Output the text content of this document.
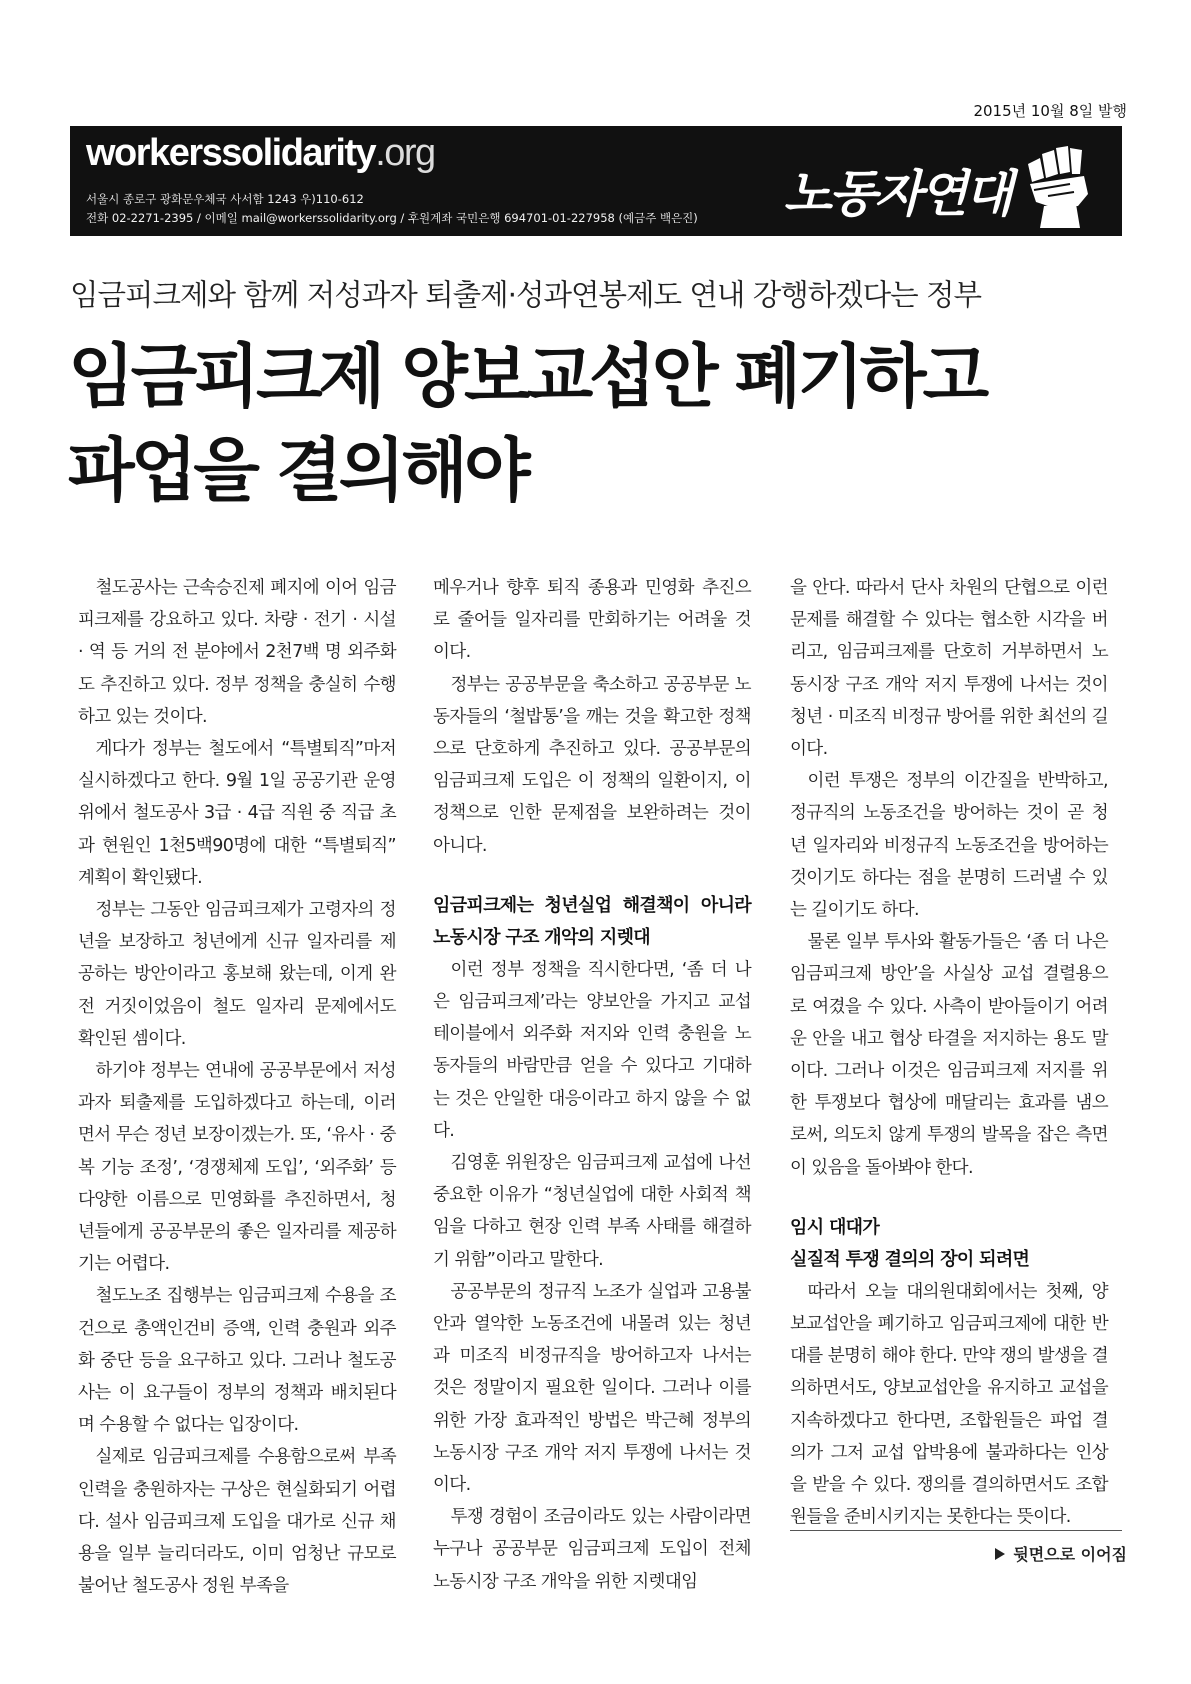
2015년 10월 8일 발행
workerssolidarity.org
서울시 종로구 광화문우체국 사서함 1243 우)110-612
전화 02-2271-2395 / 이메일 mail@workerssolidarity.org / 후원계좌 국민은행 694701-01-227958 (예금주 백은진) 노동자연대
임금피크제와 함께 저성과자 퇴출제·성과연봉제도 연내 강행하겠다는 정부
임금피크제 양보교섭안 폐기하고
파업을 결의해야

철도공사는 근속승진제 폐지에 이어 임금피크제를 강요하고 있다. 차량 · 전기 · 시설 · 역 등 거의 전 분야에서 2천7백 명 외주화도 추진하고 있다. 정부 정책을 충실히 수행하고 있는 것이다.

게다가 정부는 철도에서 “특별퇴직”마저 실시하겠다고 한다. 9월 1일 공공기관 운영위에서 철도공사 3급 · 4급 직원 중 직급 초과 현원인 1천5백90명에 대한 “특별퇴직” 계획이 확인됐다.

정부는 그동안 임금피크제가 고령자의 정년을 보장하고 청년에게 신규 일자리를 제공하는 방안이라고 홍보해 왔는데, 이게 완전 거짓이었음이 철도 일자리 문제에서도 확인된 셈이다.

하기야 정부는 연내에 공공부문에서 저성과자 퇴출제를 도입하겠다고 하는데, 이러면서 무슨 정년 보장이겠는가. 또, ‘유사 · 중복 기능 조정’, ‘경쟁체제 도입’, ‘외주화’ 등 다양한 이름으로 민영화를 추진하면서, 청년들에게 공공부문의 좋은 일자리를 제공하기는 어렵다.

철도노조 집행부는 임금피크제 수용을 조건으로 총액인건비 증액, 인력 충원과 외주화 중단 등을 요구하고 있다. 그러나 철도공사는 이 요구들이 정부의 정책과 배치된다며 수용할 수 없다는 입장이다.

실제로 임금피크제를 수용함으로써 부족 인력을 충원하자는 구상은 현실화되기 어렵다. 설사 임금피크제 도입을 대가로 신규 채용을 일부 늘리더라도, 이미 엄청난 규모로 불어난 철도공사 정원 부족을

메우거나 향후 퇴직 종용과 민영화 추진으로 줄어들 일자리를 만회하기는 어려울 것이다.

정부는 공공부문을 축소하고 공공부문 노동자들의 ‘철밥통’을 깨는 것을 확고한 정책으로 단호하게 추진하고 있다. 공공부문의 임금피크제 도입은 이 정책의 일환이지, 이 정책으로 인한 문제점을 보완하려는 것이 아니다.

임금피크제는 청년실업 해결책이 아니라 노동시장 구조 개악의 지렛대

이런 정부 정책을 직시한다면, ‘좀 더 나은 임금피크제’라는 양보안을 가지고 교섭 테이블에서 외주화 저지와 인력 충원을 노동자들의 바람만큼 얻을 수 있다고 기대하는 것은 안일한 대응이라고 하지 않을 수 없다.

김영훈 위원장은 임금피크제 교섭에 나선 중요한 이유가 “청년실업에 대한 사회적 책임을 다하고 현장 인력 부족 사태를 해결하기 위함”이라고 말한다.

공공부문의 정규직 노조가 실업과 고용불안과 열악한 노동조건에 내몰려 있는 청년과 미조직 비정규직을 방어하고자 나서는 것은 정말이지 필요한 일이다. 그러나 이를 위한 가장 효과적인 방법은 박근혜 정부의 노동시장 구조 개악 저지 투쟁에 나서는 것이다.

투쟁 경험이 조금이라도 있는 사람이라면 누구나 공공부문 임금피크제 도입이 전체 노동시장 구조 개악을 위한 지렛대임

을 안다. 따라서 단사 차원의 단협으로 이런 문제를 해결할 수 있다는 협소한 시각을 버리고, 임금피크제를 단호히 거부하면서 노동시장 구조 개악 저지 투쟁에 나서는 것이 청년 · 미조직 비정규 방어를 위한 최선의 길이다.

이런 투쟁은 정부의 이간질을 반박하고, 정규직의 노동조건을 방어하는 것이 곧 청년 일자리와 비정규직 노동조건을 방어하는 것이기도 하다는 점을 분명히 드러낼 수 있는 길이기도 하다.

물론 일부 투사와 활동가들은 ‘좀 더 나은 임금피크제 방안’을 사실상 교섭 결렬용으로 여겼을 수 있다. 사측이 받아들이기 어려운 안을 내고 협상 타결을 저지하는 용도 말이다. 그러나 이것은 임금피크제 저지를 위한 투쟁보다 협상에 매달리는 효과를 냄으로써, 의도치 않게 투쟁의 발목을 잡은 측면이 있음을 돌아봐야 한다.

임시 대대가
실질적 투쟁 결의의 장이 되려면

따라서 오늘 대의원대회에서는 첫째, 양보교섭안을 폐기하고 임금피크제에 대한 반대를 분명히 해야 한다. 만약 쟁의 발생을 결의하면서도, 양보교섭안을 유지하고 교섭을 지속하겠다고 한다면, 조합원들은 파업 결의가 그저 교섭 압박용에 불과하다는 인상을 받을 수 있다. 쟁의를 결의하면서도 조합원들을 준비시키지는 못한다는 뜻이다.

뒷면으로 이어짐
